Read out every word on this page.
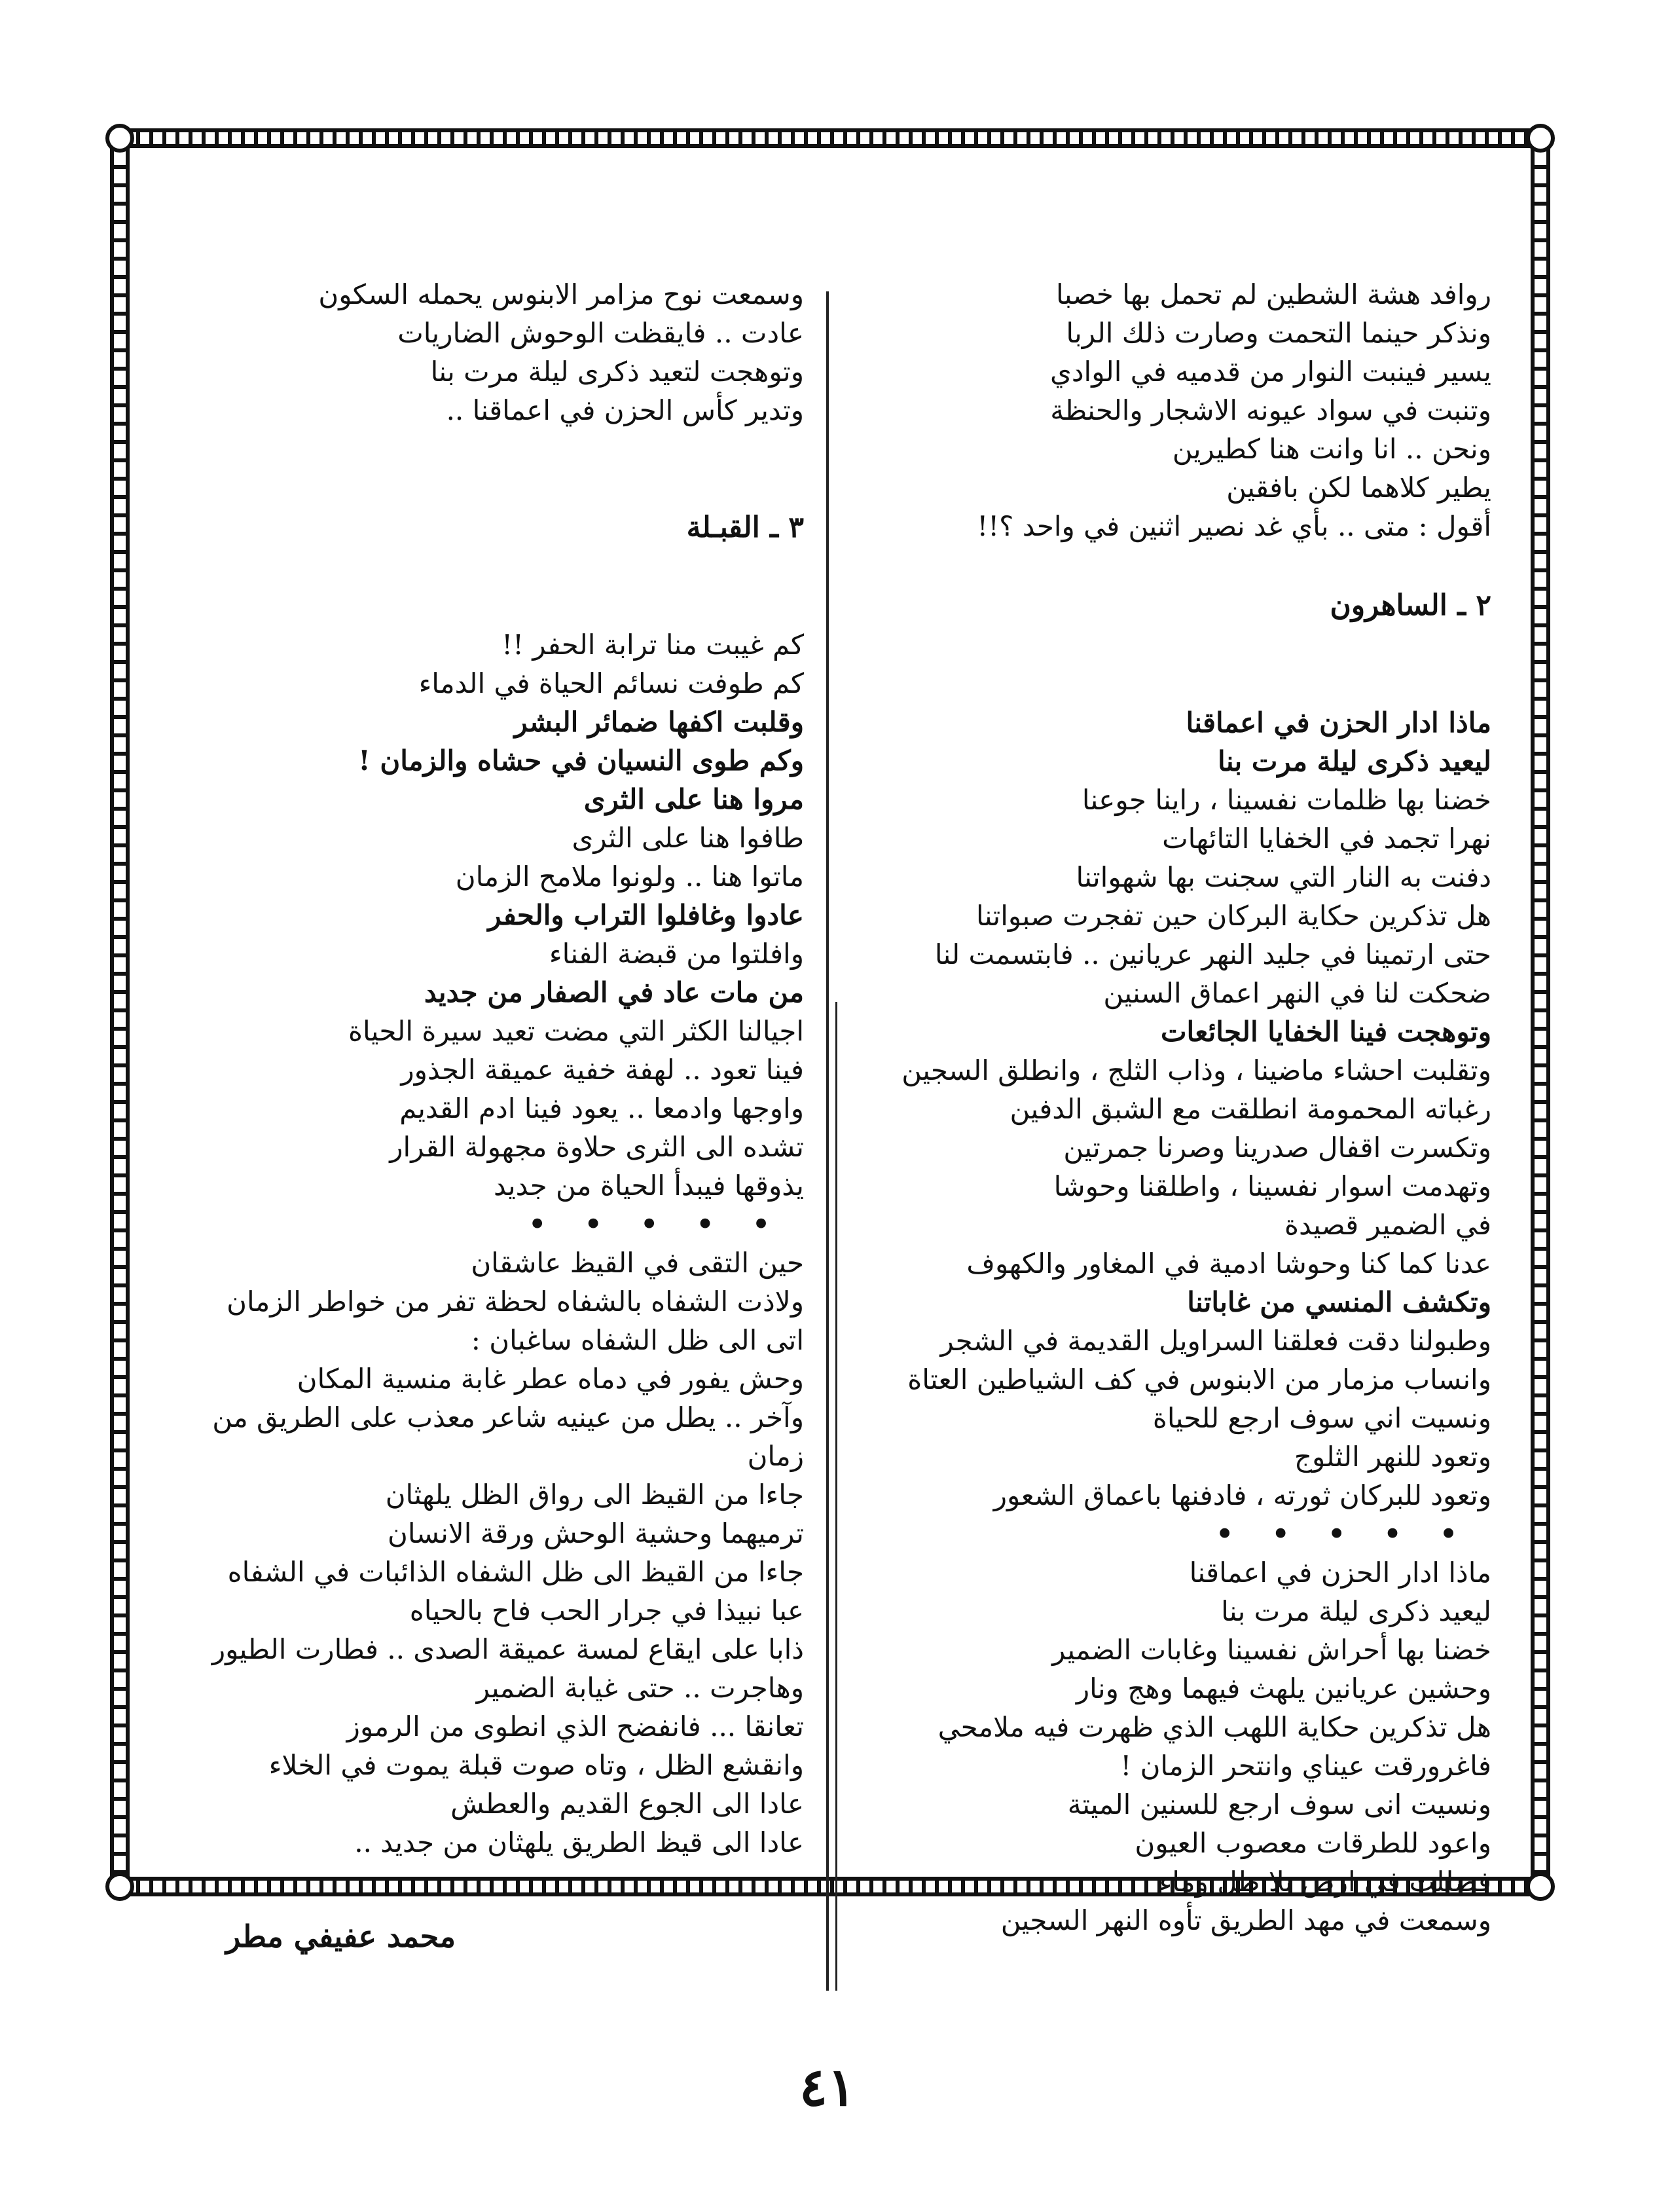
روافد هشة الشطين لم تحمل بها خصبا

ونذكر حينما التحمت وصارت ذلك الربا

يسير فينبت النوار من قدميه في الوادي

وتنبت في سواد عيونه الاشجار والحنظة

ونحن .. انا وانت هنا كطيرين

يطير كلاهما لكن بافقين

أقول : متى .. بأي غد نصير اثنين في واحد ؟!!

٢ ـ الساهرون

ماذا ادار الحزن في اعماقنا

ليعيد ذكرى ليلة مرت بنا

خضنا بها ظلمات نفسينا ، راينا جوعنا

نهرا تجمد في الخفايا التائهات

دفنت به النار التي سجنت بها شهواتنا

هل تذكرين حكاية البركان حين تفجرت صبواتنا

حتى ارتمينا في جليد النهر عريانين .. فابتسمت لنا

ضحكت لنا في النهر اعماق السنين

وتوهجت فينا الخفايا الجائعات

وتقلبت احشاء ماضينا ، وذاب الثلج ، وانطلق السجين

رغباته المحمومة انطلقت مع الشبق الدفين

وتكسرت اقفال صدرينا وصرنا جمرتين

وتهدمت اسوار نفسينا ، واطلقنا وحوشا

في الضمير قصيدة

عدنا كما كنا وحوشا ادمية في المغاور والكهوف

وتكشف المنسي من غاباتنا

وطبولنا دقت فعلقنا السراويل القديمة في الشجر

وانساب مزمار من الابنوس في كف الشياطين العتاة

ونسيت اني سوف ارجع للحياة

وتعود للنهر الثلوج

وتعود للبركان ثورته ، فادفنها باعماق الشعور

• • • • •

ماذا ادار الحزن في اعماقنا

ليعيد ذكرى ليلة مرت بنا

خضنا بها أحراش نفسينا وغابات الضمير

وحشين عريانين يلهث فيهما وهج ونار

هل تذكرين حكاية اللهب الذي ظهرت فيه ملامحي

فاغرورقت عيناي وانتحر الزمان !

ونسيت انى سوف ارجع للسنين الميتة

واعود للطرقات معصوب العيون

فضللت في ارض بلا ظل وماء

وسمعت في مهد الطريق تأوه النهر السجين

وسمعت نوح مزامر الابنوس يحمله السكون

عادت .. فايقظت الوحوش الضاريات

وتوهجت لتعيد ذكرى ليلة مرت بنا

وتدير كأس الحزن في اعماقنا ..

٣ ـ القبـلة

كم غيبت منا ترابة الحفر !!

كم طوفت نسائم الحياة في الدماء

وقلبت اكفها ضمائر البشر

وكم طوى النسيان في حشاه والزمان !

مروا هنا على الثرى

طافوا هنا على الثرى

ماتوا هنا .. ولونوا ملامح الزمان

عادوا وغافلوا التراب والحفر

وافلتوا من قبضة الفناء

من مات عاد في الصفار من جديد

اجيالنا الكثر التي مضت تعيد سيرة الحياة

فينا تعود .. لهفة خفية عميقة الجذور

واوجها وادمعا .. يعود فينا ادم القديم

تشده الى الثرى حلاوة مجهولة القرار

يذوقها فيبدأ الحياة من جديد

• • • • •

حين التقى في القيظ عاشقان

ولاذت الشفاه بالشفاه لحظة تفر من خواطر الزمان

اتى الى ظل الشفاه ساغبان :

وحش يفور في دماه عطر غابة منسية المكان

وآخر .. يطل من عينيه شاعر معذب على الطريق من

زمان

جاءا من القيظ الى رواق الظل يلهثان

ترميهما وحشية الوحش ورقة الانسان

جاءا من القيظ الى ظل الشفاه الذائبات في الشفاه

عبا نبيذا في جرار الحب فاح بالحياه

ذابا على ايقاع لمسة عميقة الصدى .. فطارت الطيور

وهاجرت .. حتى غيابة الضمير

تعانقا ... فانفضح الذي انطوى من الرموز

وانقشع الظل ، وتاه صوت قبلة يموت في الخلاء

عادا الى الجوع القديم والعطش

عادا الى قيظ الطريق يلهثان من جديد ..

محمد عفيفي مطر
٤١
